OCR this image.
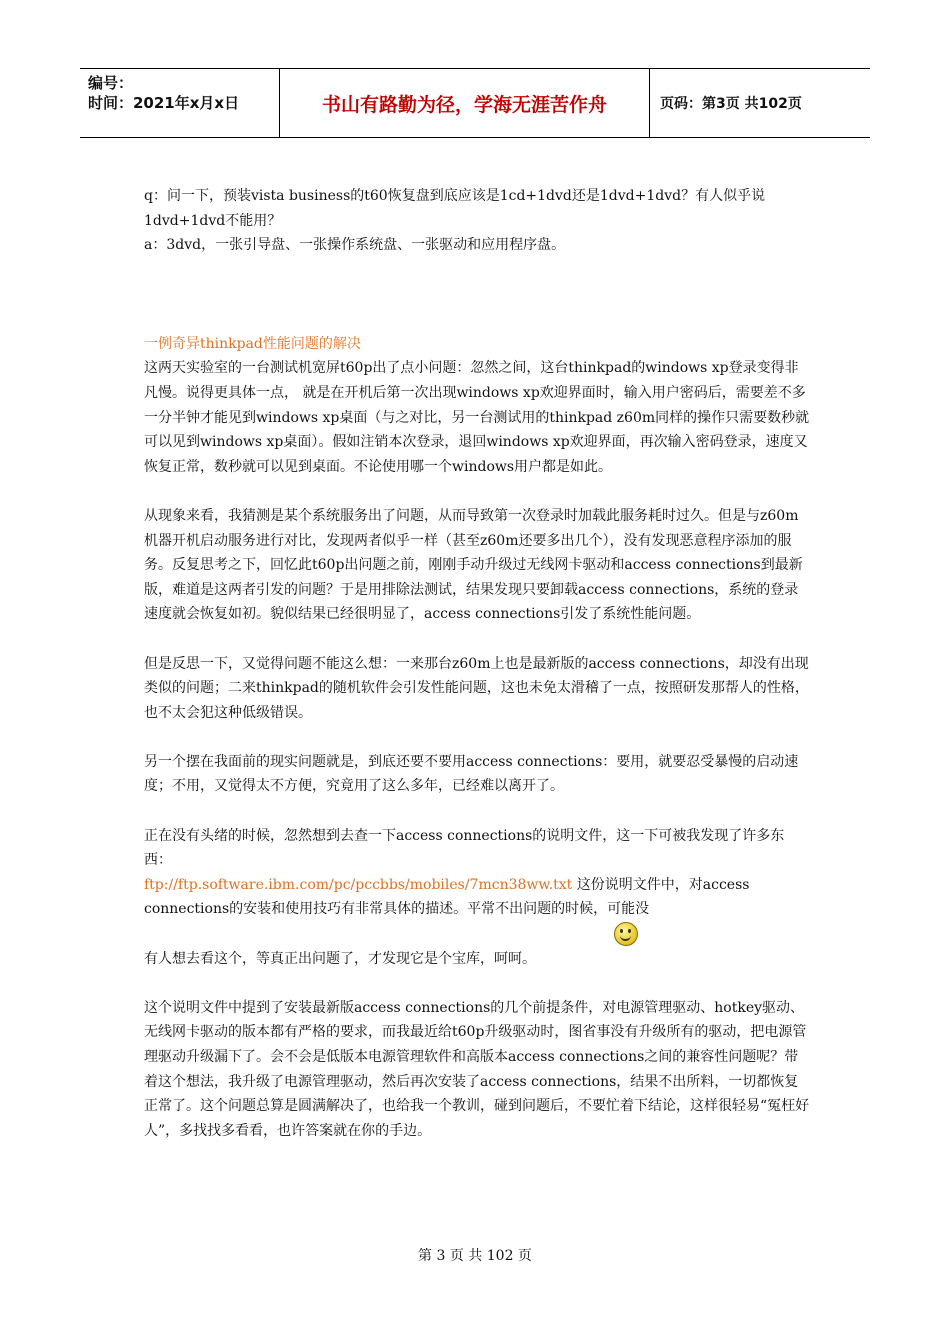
编号：
时间：2021年x月x日	书山有路勤为径，学海无涯苦作舟	页码：第3页 共102页

q：问一下，预装vista business的t60恢复盘到底应该是1cd+1dvd还是1dvd+1dvd？有人似乎说1dvd+1dvd不能用？

a：3dvd，一张引导盘、一张操作系统盘、一张驱动和应用程序盘。

一例奇异thinkpad性能问题的解决

这两天实验室的一台测试机宽屏t60p出了点小问题：忽然之间，这台thinkpad的windows xp登录变得非凡慢。说得更具体一点， 就是在开机后第一次出现windows xp欢迎界面时，输入用户密码后，需要差不多一分半钟才能见到windows xp桌面（与之对比，另一台测试用的thinkpad z60m同样的操作只需要数秒就可以见到windows xp桌面）。假如注销本次登录，退回windows xp欢迎界面，再次输入密码登录，速度又恢复正常，数秒就可以见到桌面。不论使用哪一个windows用户都是如此。

从现象来看，我猜测是某个系统服务出了问题，从而导致第一次登录时加载此服务耗时过久。但是与z60m机器开机启动服务进行对比，发现两者似乎一样（甚至z60m还要多出几个），没有发现恶意程序添加的服务。反复思考之下，回忆此t60p出问题之前，刚刚手动升级过无线网卡驱动和access connections到最新版，难道是这两者引发的问题？于是用排除法测试，结果发现只要卸载access connections，系统的登录速度就会恢复如初。貌似结果已经很明显了，access connections引发了系统性能问题。

但是反思一下，又觉得问题不能这么想：一来那台z60m上也是最新版的access connections，却没有出现类似的问题；二来thinkpad的随机软件会引发性能问题，这也未免太滑稽了一点，按照研发那帮人的性格，也不太会犯这种低级错误。

另一个摆在我面前的现实问题就是，到底还要不要用access connections：要用，就要忍受暴慢的启动速度；不用，又觉得太不方便，究竟用了这么多年，已经难以离开了。

正在没有头绪的时候，忽然想到去查一下access connections的说明文件，这一下可被我发现了许多东西：
ftp://ftp.software.ibm.com/pc/pccbbs/mobiles/7mcn38ww.txt 这份说明文件中，对access connections的安装和使用技巧有非常具体的描述。平常不出问题的时候，可能没

有人想去看这个，等真正出问题了，才发现它是个宝库，呵呵。

这个说明文件中提到了安装最新版access connections的几个前提条件，对电源管理驱动、hotkey驱动、无线网卡驱动的版本都有严格的要求，而我最近给t60p升级驱动时，图省事没有升级所有的驱动，把电源管理驱动升级漏下了。会不会是低版本电源管理软件和高版本access connections之间的兼容性问题呢？带着这个想法，我升级了电源管理驱动，然后再次安装了access connections，结果不出所料，一切都恢复正常了。这个问题总算是圆满解决了，也给我一个教训，碰到问题后，不要忙着下结论，这样很轻易“冤枉好人”，多找找多看看，也许答案就在你的手边。

第 3 页 共 102 页
